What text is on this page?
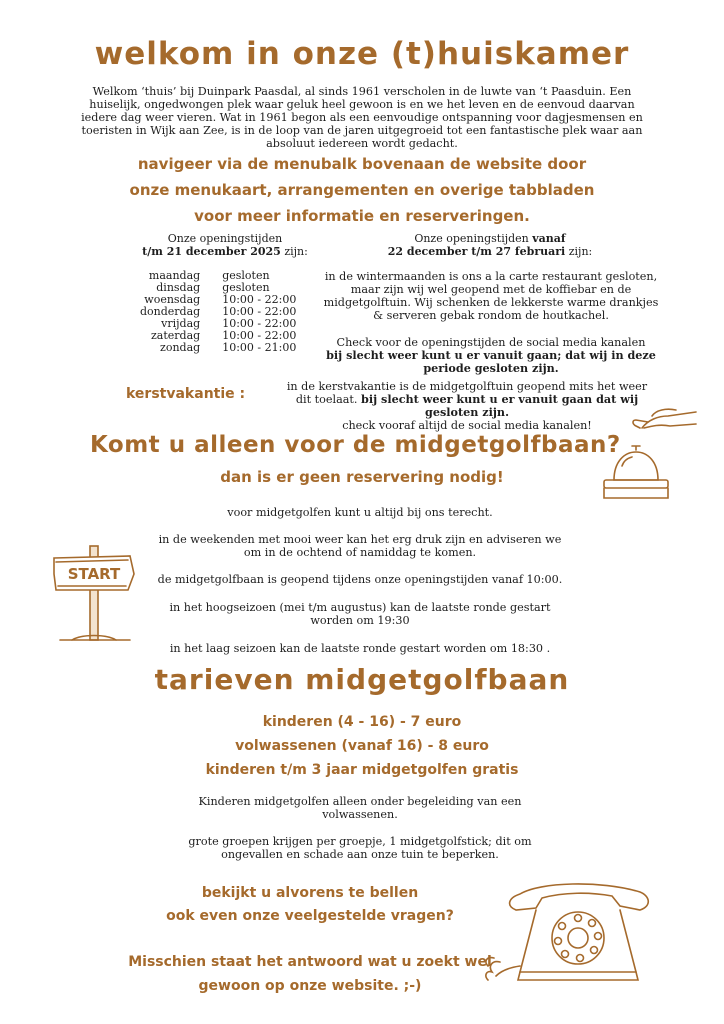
welkom in onze (t)huiskamer
Welkom ‘thuis’ bij Duinpark Paasdal, al sinds 1961 verscholen in de luwte van ‘t Paasduin. Een huiselijk, ongedwongen plek waar geluk heel gewoon is en we het leven en de eenvoud daarvan iedere dag weer vieren. Wat in 1961 begon als een eenvoudige ontspanning voor dagjesmensen en toeristen in Wijk aan Zee, is in de loop van de jaren uitgegroeid tot een fantastische plek waar aan absoluut iedereen wordt gedacht.
navigeer via de menubalk bovenaan de website door
onze menukaart, arrangementen en overige tabbladen
voor meer informatie en reserveringen.
Onze openingstijden
t/m 21 december 2025 zijn:
maandag	gesloten
dinsdag	gesloten
woensdag	10:00 - 22:00
donderdag	10:00 - 22:00
vrijdag	10:00 - 22:00
zaterdag	10:00 - 22:00
zondag	10:00 - 21:00
Onze openingstijden vanaf
22 december t/m 27 februari zijn:
in de wintermaanden is ons a la carte restaurant gesloten, maar zijn wij wel geopend met de koffiebar en de midgetgolftuin. Wij schenken de lekkerste warme drankjes & serveren gebak rondom de houtkachel.
Check voor de openingstijden de social media kanalen
bij slecht weer kunt u er vanuit gaan; dat wij in deze periode gesloten zijn.
kerstvakantie :	in de kerstvakantie is de midgetgolftuin geopend mits het weer dit toelaat. bij slecht weer kunt u er vanuit gaan dat wij gesloten zijn.
check vooraf altijd de social media kanalen!
Komt u alleen voor de midgetgolfbaan?
dan is er geen reservering nodig!
voor midgetgolfen kunt u altijd bij ons terecht.
in de weekenden met mooi weer kan het erg druk zijn en adviseren we om in de ochtend of namiddag te komen.
de midgetgolfbaan is geopend tijdens onze openingstijden vanaf 10:00.
in het hoogseizoen (mei t/m augustus) kan de laatste ronde gestart worden om 19:30
in het laag seizoen kan de laatste ronde gestart worden om 18:30 .
START
tarieven midgetgolfbaan
kinderen (4 - 16) - 7 euro
volwassenen (vanaf 16) - 8 euro
kinderen t/m 3 jaar midgetgolfen gratis
Kinderen midgetgolfen alleen onder begeleiding van een volwassenen.
grote groepen krijgen per groepje, 1 midgetgolfstick; dit om ongevallen en schade aan onze tuin te beperken.
bekijkt u alvorens te bellen
ook even onze veelgestelde vragen?
Misschien staat het antwoord wat u zoekt wel
gewoon op onze website. ;-)
